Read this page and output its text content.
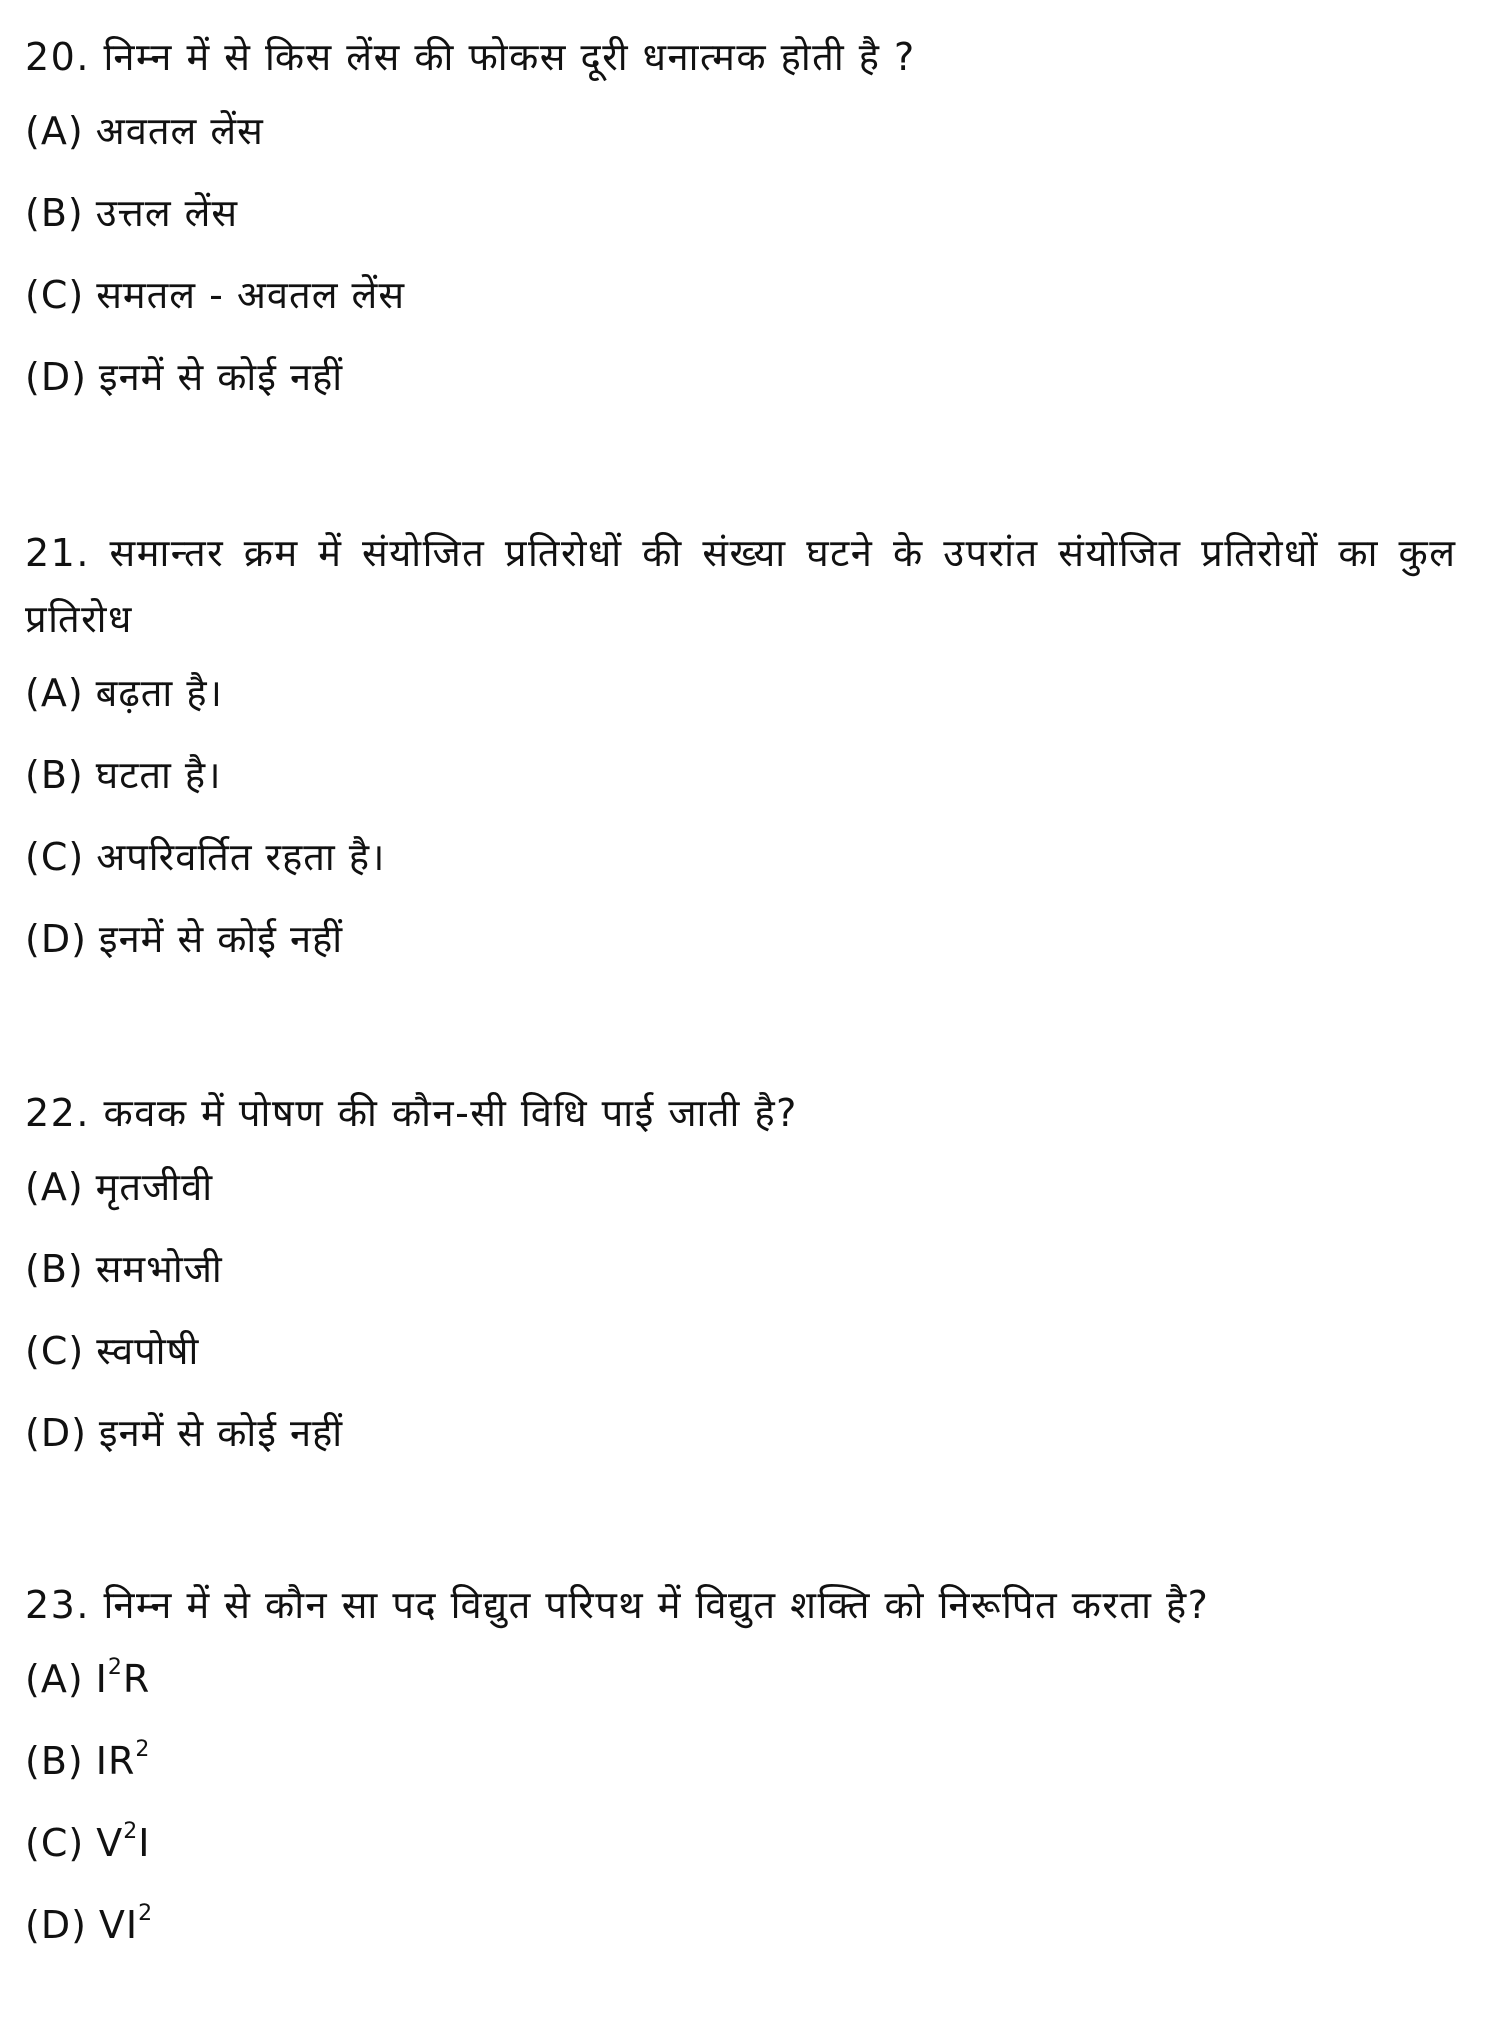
20. निम्न में से किस लेंस की फोकस दूरी धनात्मक होती है ?
(A) अवतल लेंस
(B) उत्तल लेंस
(C) समतल - अवतल लेंस
(D) इनमें से कोई नहीं
21. समान्तर क्रम में संयोजित प्रतिरोधों की संख्या घटने के उपरांत संयोजित प्रतिरोधों का कुल प्रतिरोध
(A) बढ़ता है।
(B) घटता है।
(C) अपरिवर्तित रहता है।
(D) इनमें से कोई नहीं
22. कवक में पोषण की कौन-सी विधि पाई जाती है?
(A) मृतजीवी
(B) समभोजी
(C) स्वपोषी
(D) इनमें से कोई नहीं
23. निम्न में से कौन सा पद विद्युत परिपथ में विद्युत शक्ति को निरूपित करता है?
(A) $I^2R$
(B) $IR^2$
(C) $V^2I$
(D) $VI^2$
